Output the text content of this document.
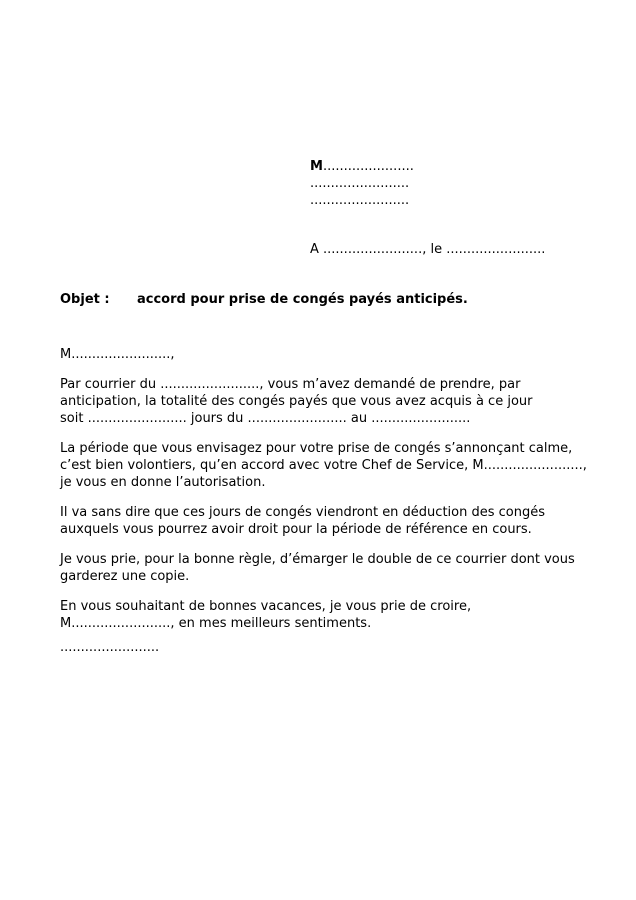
M......................
........................
........................
A ........................, le ........................
Objet : accord pour prise de congés payés anticipés.

M........................,

Par courrier du ........................, vous m’avez demandé de prendre, par
anticipation, la totalité des congés payés que vous avez acquis à ce jour
soit ........................ jours du ........................ au ........................

La période que vous envisagez pour votre prise de congés s’annonçant calme,
c’est bien volontiers, qu’en accord avec votre Chef de Service, M........................,
je vous en donne l’autorisation.

Il va sans dire que ces jours de congés viendront en déduction des congés
auxquels vous pourrez avoir droit pour la période de référence en cours.

Je vous prie, pour la bonne règle, d’émarger le double de ce courrier dont vous
garderez une copie.

En vous souhaitant de bonnes vacances, je vous prie de croire,
M........................, en mes meilleurs sentiments.

........................
